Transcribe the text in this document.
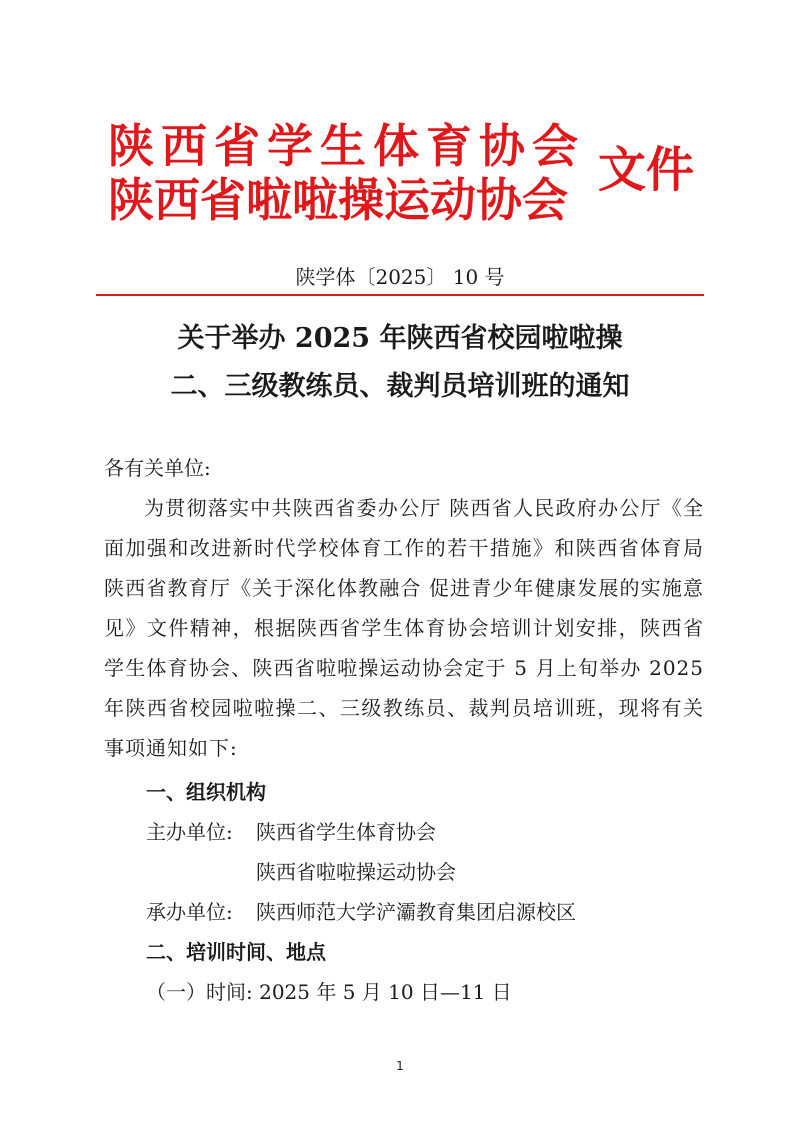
陕西省学生体育协会
陕西省啦啦操运动协会
文件
陕学体〔2025〕 10 号
关于举办 2025 年陕西省校园啦啦操
二、三级教练员、裁判员培训班的通知
各有关单位:
为贯彻落实中共陕西省委办公厅 陕西省人民政府办公厅《全面加强和改进新时代学校体育工作的若干措施》和陕西省体育局 陕西省教育厅《关于深化体教融合 促进青少年健康发展的实施意见》文件精神，根据陕西省学生体育协会培训计划安排，陕西省学生体育协会、陕西省啦啦操运动协会定于 5 月上旬举办 2025 年陕西省校园啦啦操二、三级教练员、裁判员培训班，现将有关事项通知如下:
一、组织机构
主办单位: 陕西省学生体育协会
陕西省啦啦操运动协会
承办单位: 陕西师范大学浐灞教育集团启源校区
二、培训时间、地点
（一）时间: 2025 年 5 月 10 日—11 日
1
